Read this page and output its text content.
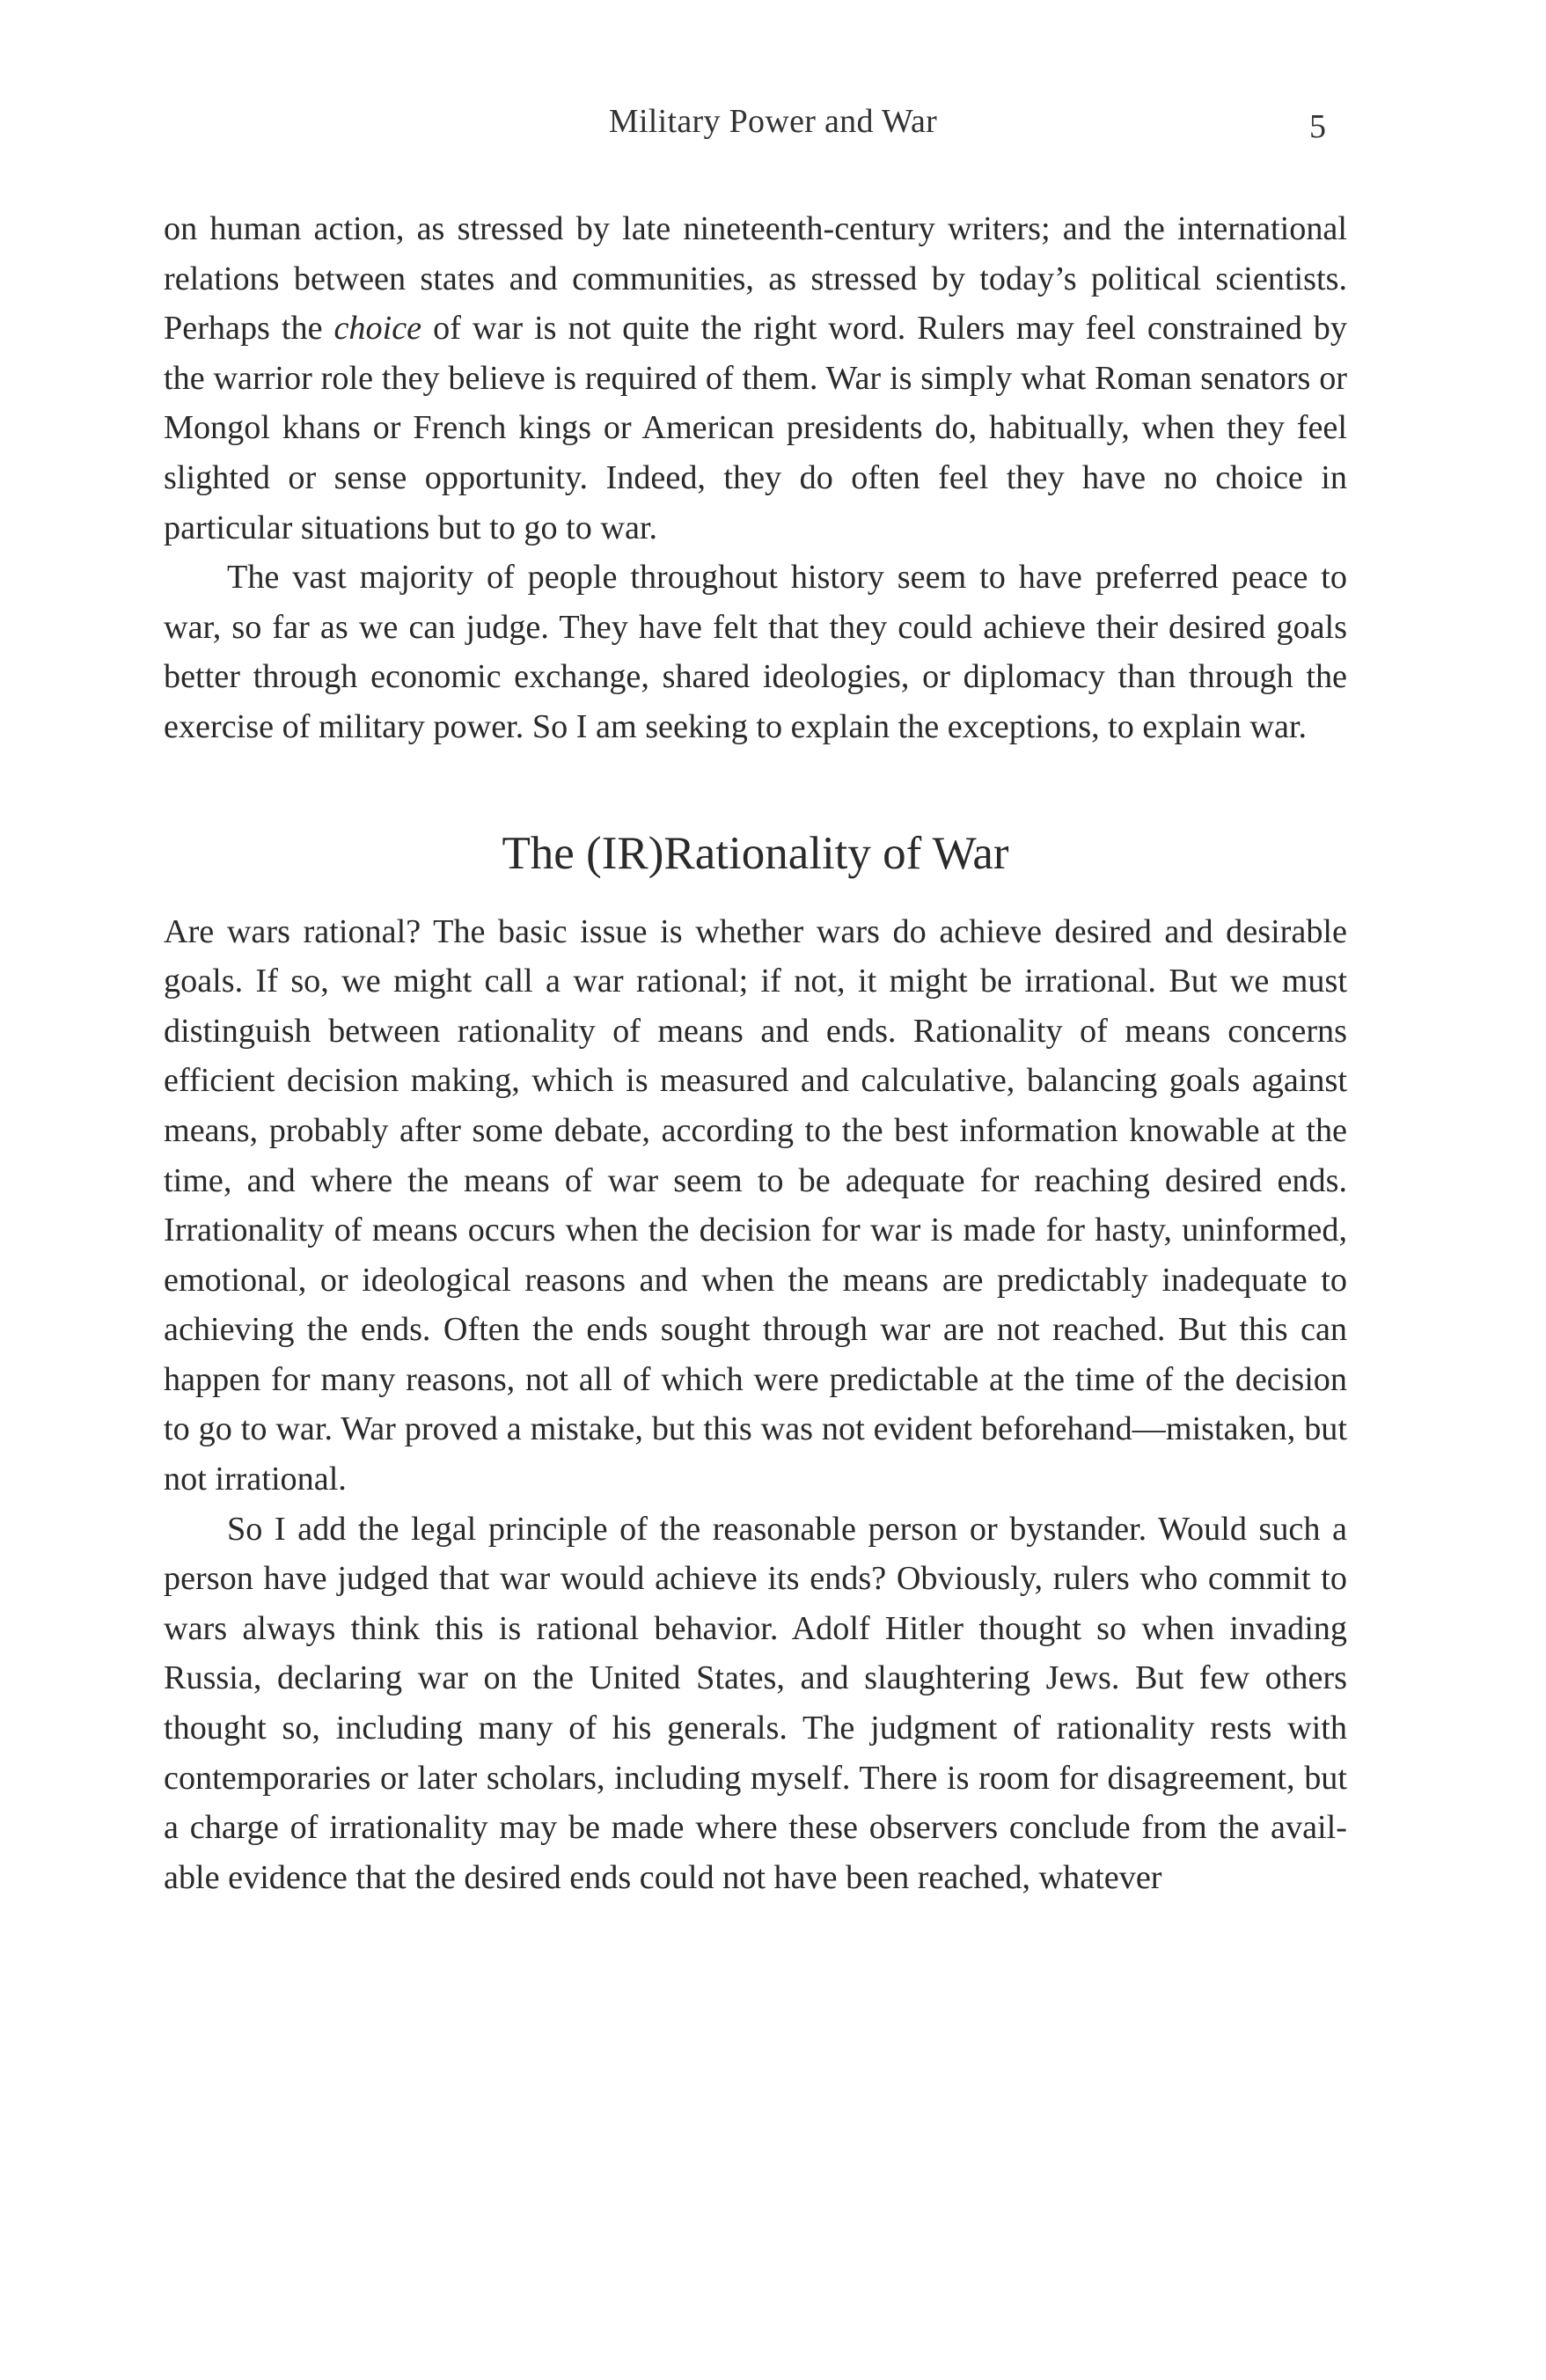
Military Power and War	5

on human action, as stressed by late nineteenth-century writers; and the international relations between states and communities, as stressed by today’s political scientists. Perhaps the choice of war is not quite the right word. Rulers may feel constrained by the warrior role they believe is required of them. War is simply what Roman senators or Mongol khans or French kings or American presidents do, habitually, when they feel slighted or sense opportunity. Indeed, they do often feel they have no choice in particular situations but to go to war.

The vast majority of people throughout history seem to have preferred peace to war, so far as we can judge. They have felt that they could achieve their desired goals better through economic exchange, shared ideologies, or diplomacy than through the exercise of military power. So I am seeking to explain the exceptions, to explain war.

The (IR)Rationality of War

Are wars rational? The basic issue is whether wars do achieve desired and desirable goals. If so, we might call a war rational; if not, it might be irrational. But we must distinguish between rationality of means and ends. Rationality of means concerns efficient decision making, which is measured and calculative, balancing goals against means, probably after some debate, according to the best information knowable at the time, and where the means of war seem to be adequate for reaching desired ends. Irrationality of means occurs when the decision for war is made for hasty, uninformed, emotional, or ideological reasons and when the means are predictably inadequate to achieving the ends. Often the ends sought through war are not reached. But this can happen for many reasons, not all of which were predictable at the time of the decision to go to war. War proved a mistake, but this was not evident beforehand—mistaken, but not irrational.

So I add the legal principle of the reasonable person or bystander. Would such a person have judged that war would achieve its ends? Obviously, rulers who commit to wars always think this is rational behavior. Adolf Hitler thought so when invading Russia, declaring war on the United States, and slaughtering Jews. But few others thought so, including many of his generals. The judgment of rationality rests with contemporaries or later scholars, including myself. There is room for disagreement, but a charge of irrationality may be made where these observers conclude from the available evidence that the desired ends could not have been reached, whatever
